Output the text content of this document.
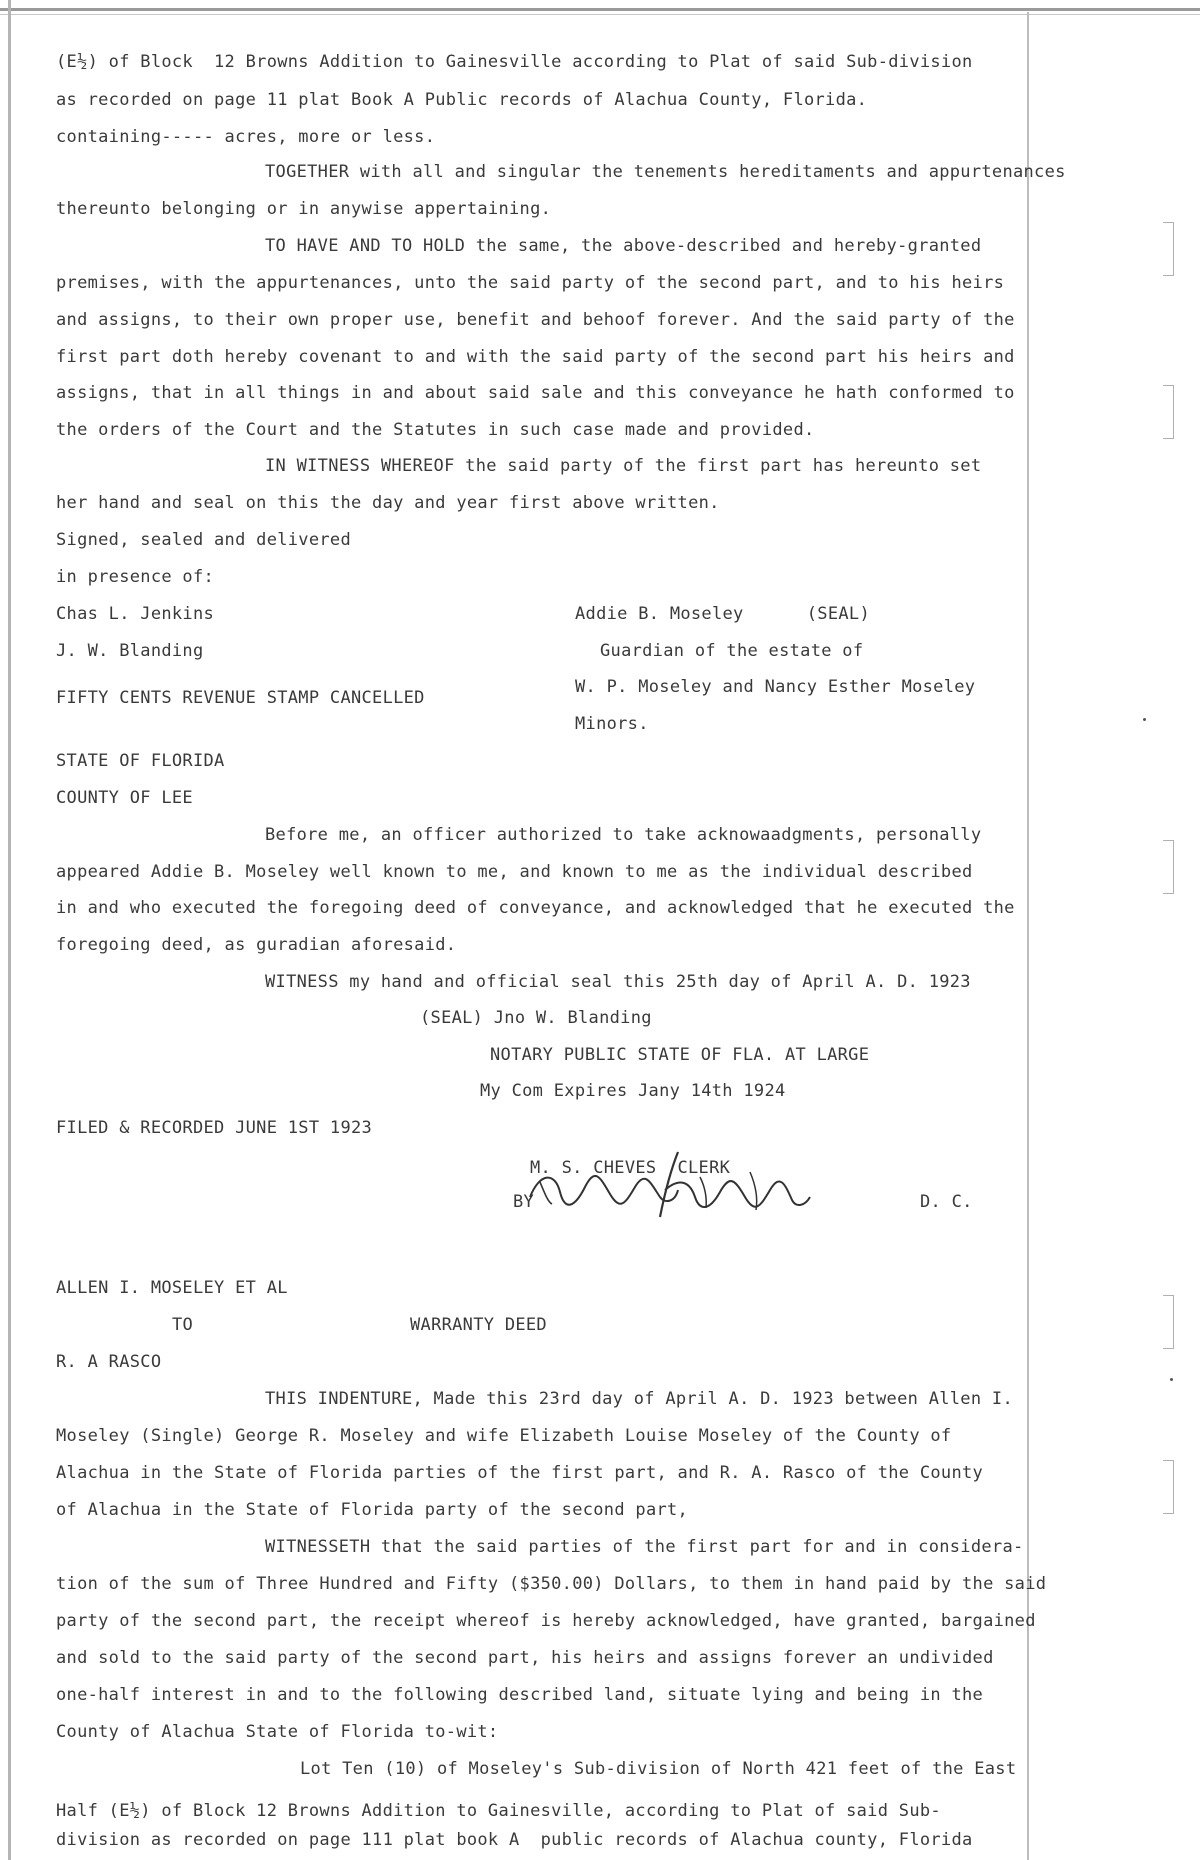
(E½) of Block  12 Browns Addition to Gainesville according to Plat of said Sub-division
as recorded on page 11 plat Book A Public records of Alachua County, Florida.
containing----- acres, more or less.
TOGETHER with all and singular the tenements hereditaments and appurtenances
thereunto belonging or in anywise appertaining.
TO HAVE AND TO HOLD the same, the above-described and hereby-granted
premises, with the appurtenances, unto the said party of the second part, and to his heirs
and assigns, to their own proper use, benefit and behoof forever. And the said party of the
first part doth hereby covenant to and with the said party of the second part his heirs and
assigns, that in all things in and about said sale and this conveyance he hath conformed to
the orders of the Court and the Statutes in such case made and provided.
IN WITNESS WHEREOF the said party of the first part has hereunto set
her hand and seal on this the day and year first above written.
Signed, sealed and delivered
in presence of:
Chas L. Jenkins	Addie B. Moseley      (SEAL)
J. W. Blanding	Guardian of the estate of
W. P. Moseley and Nancy Esther Moseley
FIFTY CENTS REVENUE STAMP CANCELLED
Minors.
STATE OF FLORIDA
COUNTY OF LEE
Before me, an officer authorized to take acknowaadgments, personally
appeared Addie B. Moseley well known to me, and known to me as the individual described
in and who executed the foregoing deed of conveyance, and acknowledged that he executed the
foregoing deed, as guradian aforesaid.
WITNESS my hand and official seal this 25th day of April A. D. 1923
(SEAL) Jno W. Blanding
NOTARY PUBLIC STATE OF FLA. AT LARGE
My Com Expires Jany 14th 1924
FILED & RECORDED JUNE 1ST 1923
M. S. CHEVES  CLERK
BY	D. C.
ALLEN I. MOSELEY ET AL
TO	WARRANTY DEED
R. A RASCO
THIS INDENTURE, Made this 23rd day of April A. D. 1923 between Allen I.
Moseley (Single) George R. Moseley and wife Elizabeth Louise Moseley of the County of
Alachua in the State of Florida parties of the first part, and R. A. Rasco of the County
of Alachua in the State of Florida party of the second part,
WITNESSETH that the said parties of the first part for and in considera-
tion of the sum of Three Hundred and Fifty ($350.00) Dollars, to them in hand paid by the said
party of the second part, the receipt whereof is hereby acknowledged, have granted, bargained
and sold to the said party of the second part, his heirs and assigns forever an undivided
one-half interest in and to the following described land, situate lying and being in the
County of Alachua State of Florida to-wit:
Lot Ten (10) of Moseley's Sub-division of North 421 feet of the East
Half (E½) of Block 12 Browns Addition to Gainesville, according to Plat of said Sub-
division as recorded on page 111 plat book A  public records of Alachua county, Florida
